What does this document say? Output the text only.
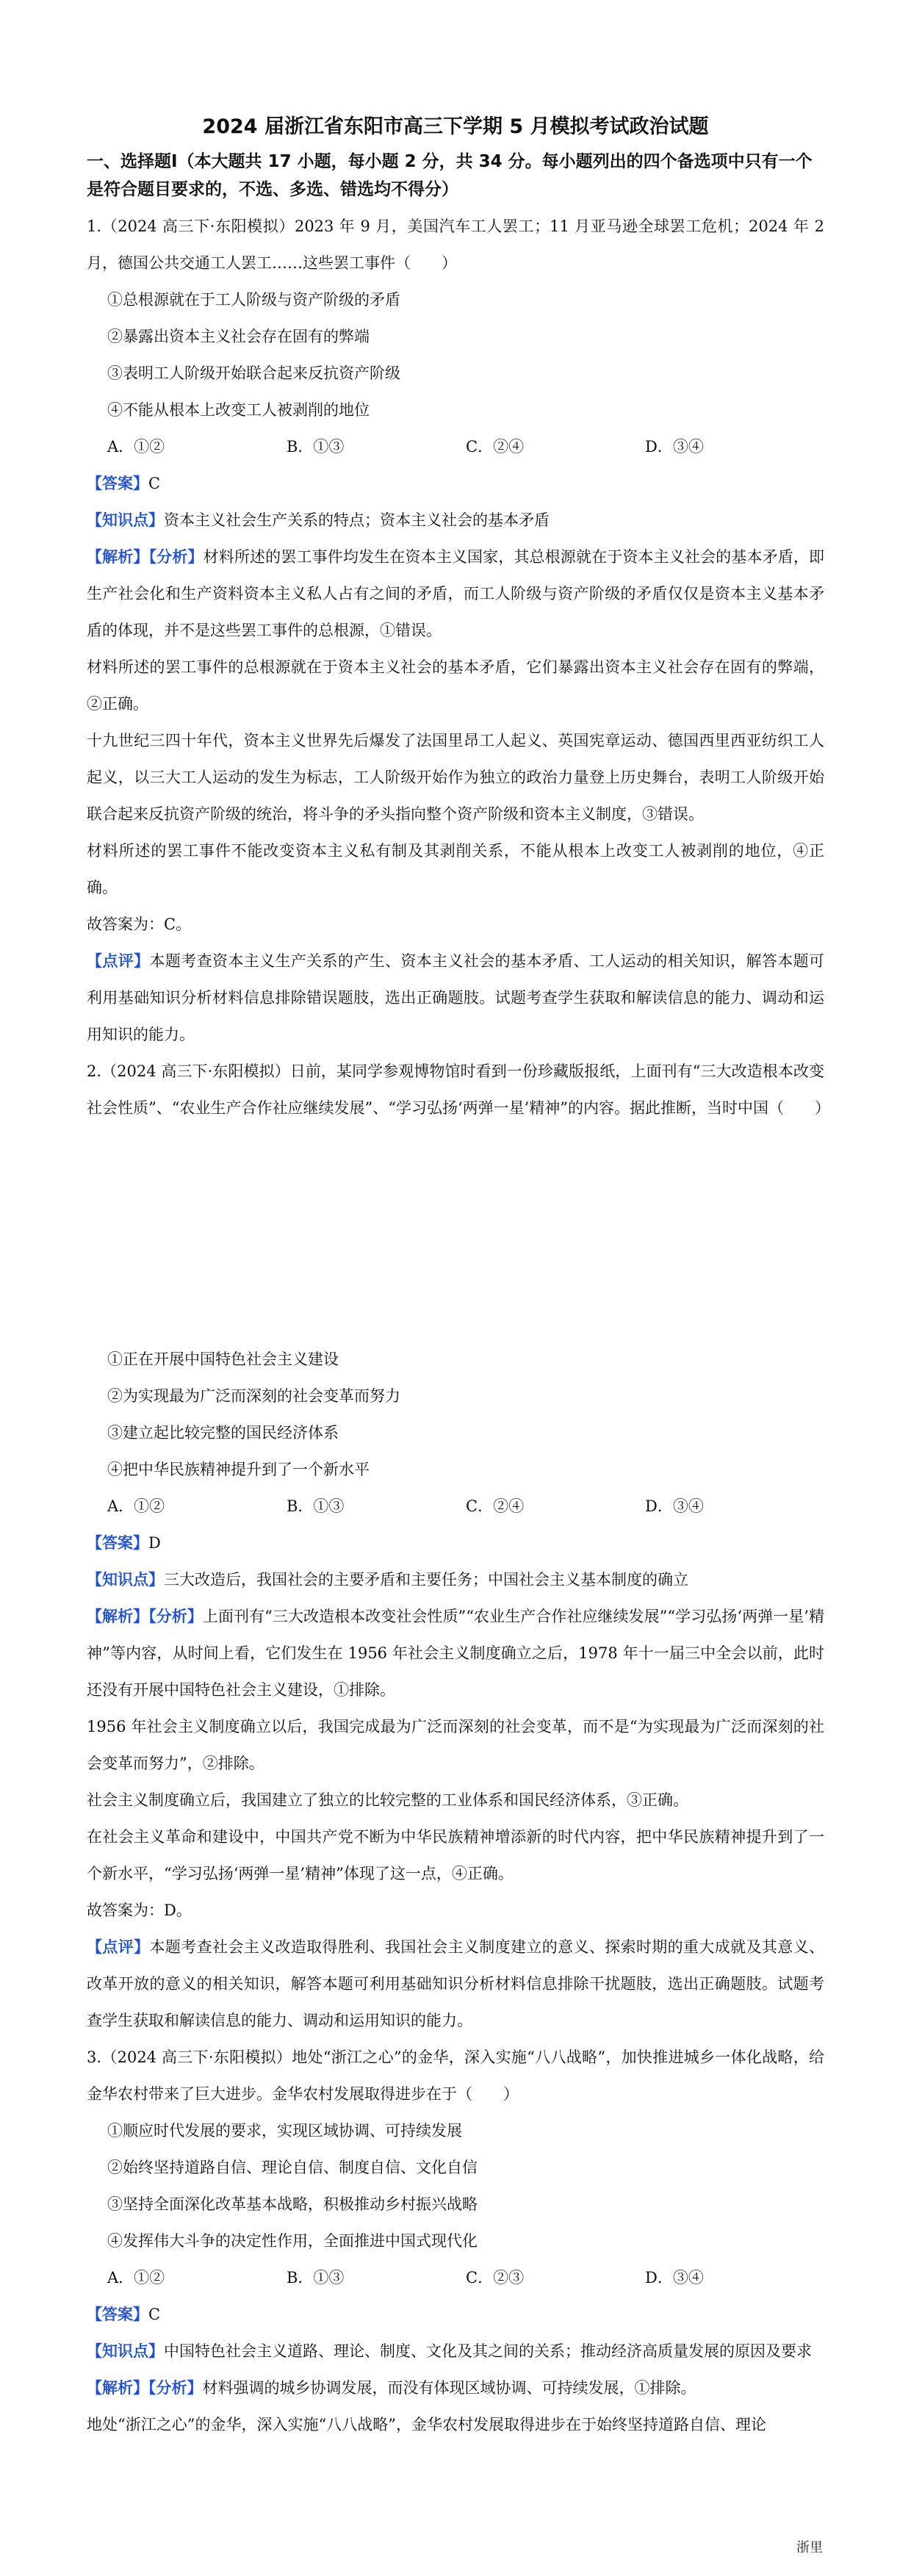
2024 届浙江省东阳市高三下学期 5 月模拟考试政治试题
一、选择题Ⅰ（本大题共 17 小题，每小题 2 分，共 34 分。每小题列出的四个备选项中只有一个是符合题目要求的，不选、多选、错选均不得分）

1.（2024 高三下·东阳模拟）2023 年 9 月，美国汽车工人罢工；11 月亚马逊全球罢工危机；2024 年 2 月，德国公共交通工人罢工……这些罢工事件（　　）

①总根源就在于工人阶级与资产阶级的矛盾
②暴露出资本主义社会存在固有的弊端
③表明工人阶级开始联合起来反抗资产阶级
④不能从根本上改变工人被剥削的地位
A．①②	B．①③	C．②④	D．③④
【答案】C

【知识点】资本主义社会生产关系的特点；资本主义社会的基本矛盾

【解析】【分析】材料所述的罢工事件均发生在资本主义国家，其总根源就在于资本主义社会的基本矛盾，即生产社会化和生产资料资本主义私人占有之间的矛盾，而工人阶级与资产阶级的矛盾仅仅是资本主义基本矛盾的体现，并不是这些罢工事件的总根源，①错误。

材料所述的罢工事件的总根源就在于资本主义社会的基本矛盾，它们暴露出资本主义社会存在固有的弊端，②正确。

十九世纪三四十年代，资本主义世界先后爆发了法国里昂工人起义、英国宪章运动、德国西里西亚纺织工人起义，以三大工人运动的发生为标志，工人阶级开始作为独立的政治力量登上历史舞台，表明工人阶级开始联合起来反抗资产阶级的统治，将斗争的矛头指向整个资产阶级和资本主义制度，③错误。

材料所述的罢工事件不能改变资本主义私有制及其剥削关系，不能从根本上改变工人被剥削的地位，④正确。

故答案为：C。

【点评】本题考查资本主义生产关系的产生、资本主义社会的基本矛盾、工人运动的相关知识，解答本题可利用基础知识分析材料信息排除错误题肢，选出正确题肢。试题考查学生获取和解读信息的能力、调动和运用知识的能力。

2.（2024 高三下·东阳模拟）日前，某同学参观博物馆时看到一份珍藏版报纸，上面刊有“三大改造根本改变社会性质”、“农业生产合作社应继续发展”、“学习弘扬‘两弹一星’精神”的内容。据此推断，当时中国（　　）

①正在开展中国特色社会主义建设
②为实现最为广泛而深刻的社会变革而努力
③建立起比较完整的国民经济体系
④把中华民族精神提升到了一个新水平
A．①②	B．①③	C．②④	D．③④
【答案】D

【知识点】三大改造后，我国社会的主要矛盾和主要任务；中国社会主义基本制度的确立

【解析】【分析】上面刊有“三大改造根本改变社会性质”“农业生产合作社应继续发展”“学习弘扬‘两弹一星’精神”等内容，从时间上看，它们发生在 1956 年社会主义制度确立之后，1978 年十一届三中全会以前，此时还没有开展中国特色社会主义建设，①排除。

1956 年社会主义制度确立以后，我国完成最为广泛而深刻的社会变革，而不是“为实现最为广泛而深刻的社会变革而努力”，②排除。

社会主义制度确立后，我国建立了独立的比较完整的工业体系和国民经济体系，③正确。

在社会主义革命和建设中，中国共产党不断为中华民族精神增添新的时代内容，把中华民族精神提升到了一个新水平，“学习弘扬‘两弹一星’精神”体现了这一点，④正确。

故答案为：D。

【点评】本题考查社会主义改造取得胜利、我国社会主义制度建立的意义、探索时期的重大成就及其意义、改革开放的意义的相关知识，解答本题可利用基础知识分析材料信息排除干扰题肢，选出正确题肢。试题考查学生获取和解读信息的能力、调动和运用知识的能力。

3.（2024 高三下·东阳模拟）地处“浙江之心”的金华，深入实施“八八战略”，加快推进城乡一体化战略，给金华农村带来了巨大进步。金华农村发展取得进步在于（　　）

①顺应时代发展的要求，实现区域协调、可持续发展
②始终坚持道路自信、理论自信、制度自信、文化自信
③坚持全面深化改革基本战略，积极推动乡村振兴战略
④发挥伟大斗争的决定性作用，全面推进中国式现代化
A．①②	B．①③	C．②③	D．③④
【答案】C

【知识点】中国特色社会主义道路、理论、制度、文化及其之间的关系；推动经济高质量发展的原因及要求

【解析】【分析】材料强调的城乡协调发展，而没有体现区域协调、可持续发展，①排除。

地处“浙江之心”的金华，深入实施“八八战略”，金华农村发展取得进步在于始终坚持道路自信、理论

浙里
